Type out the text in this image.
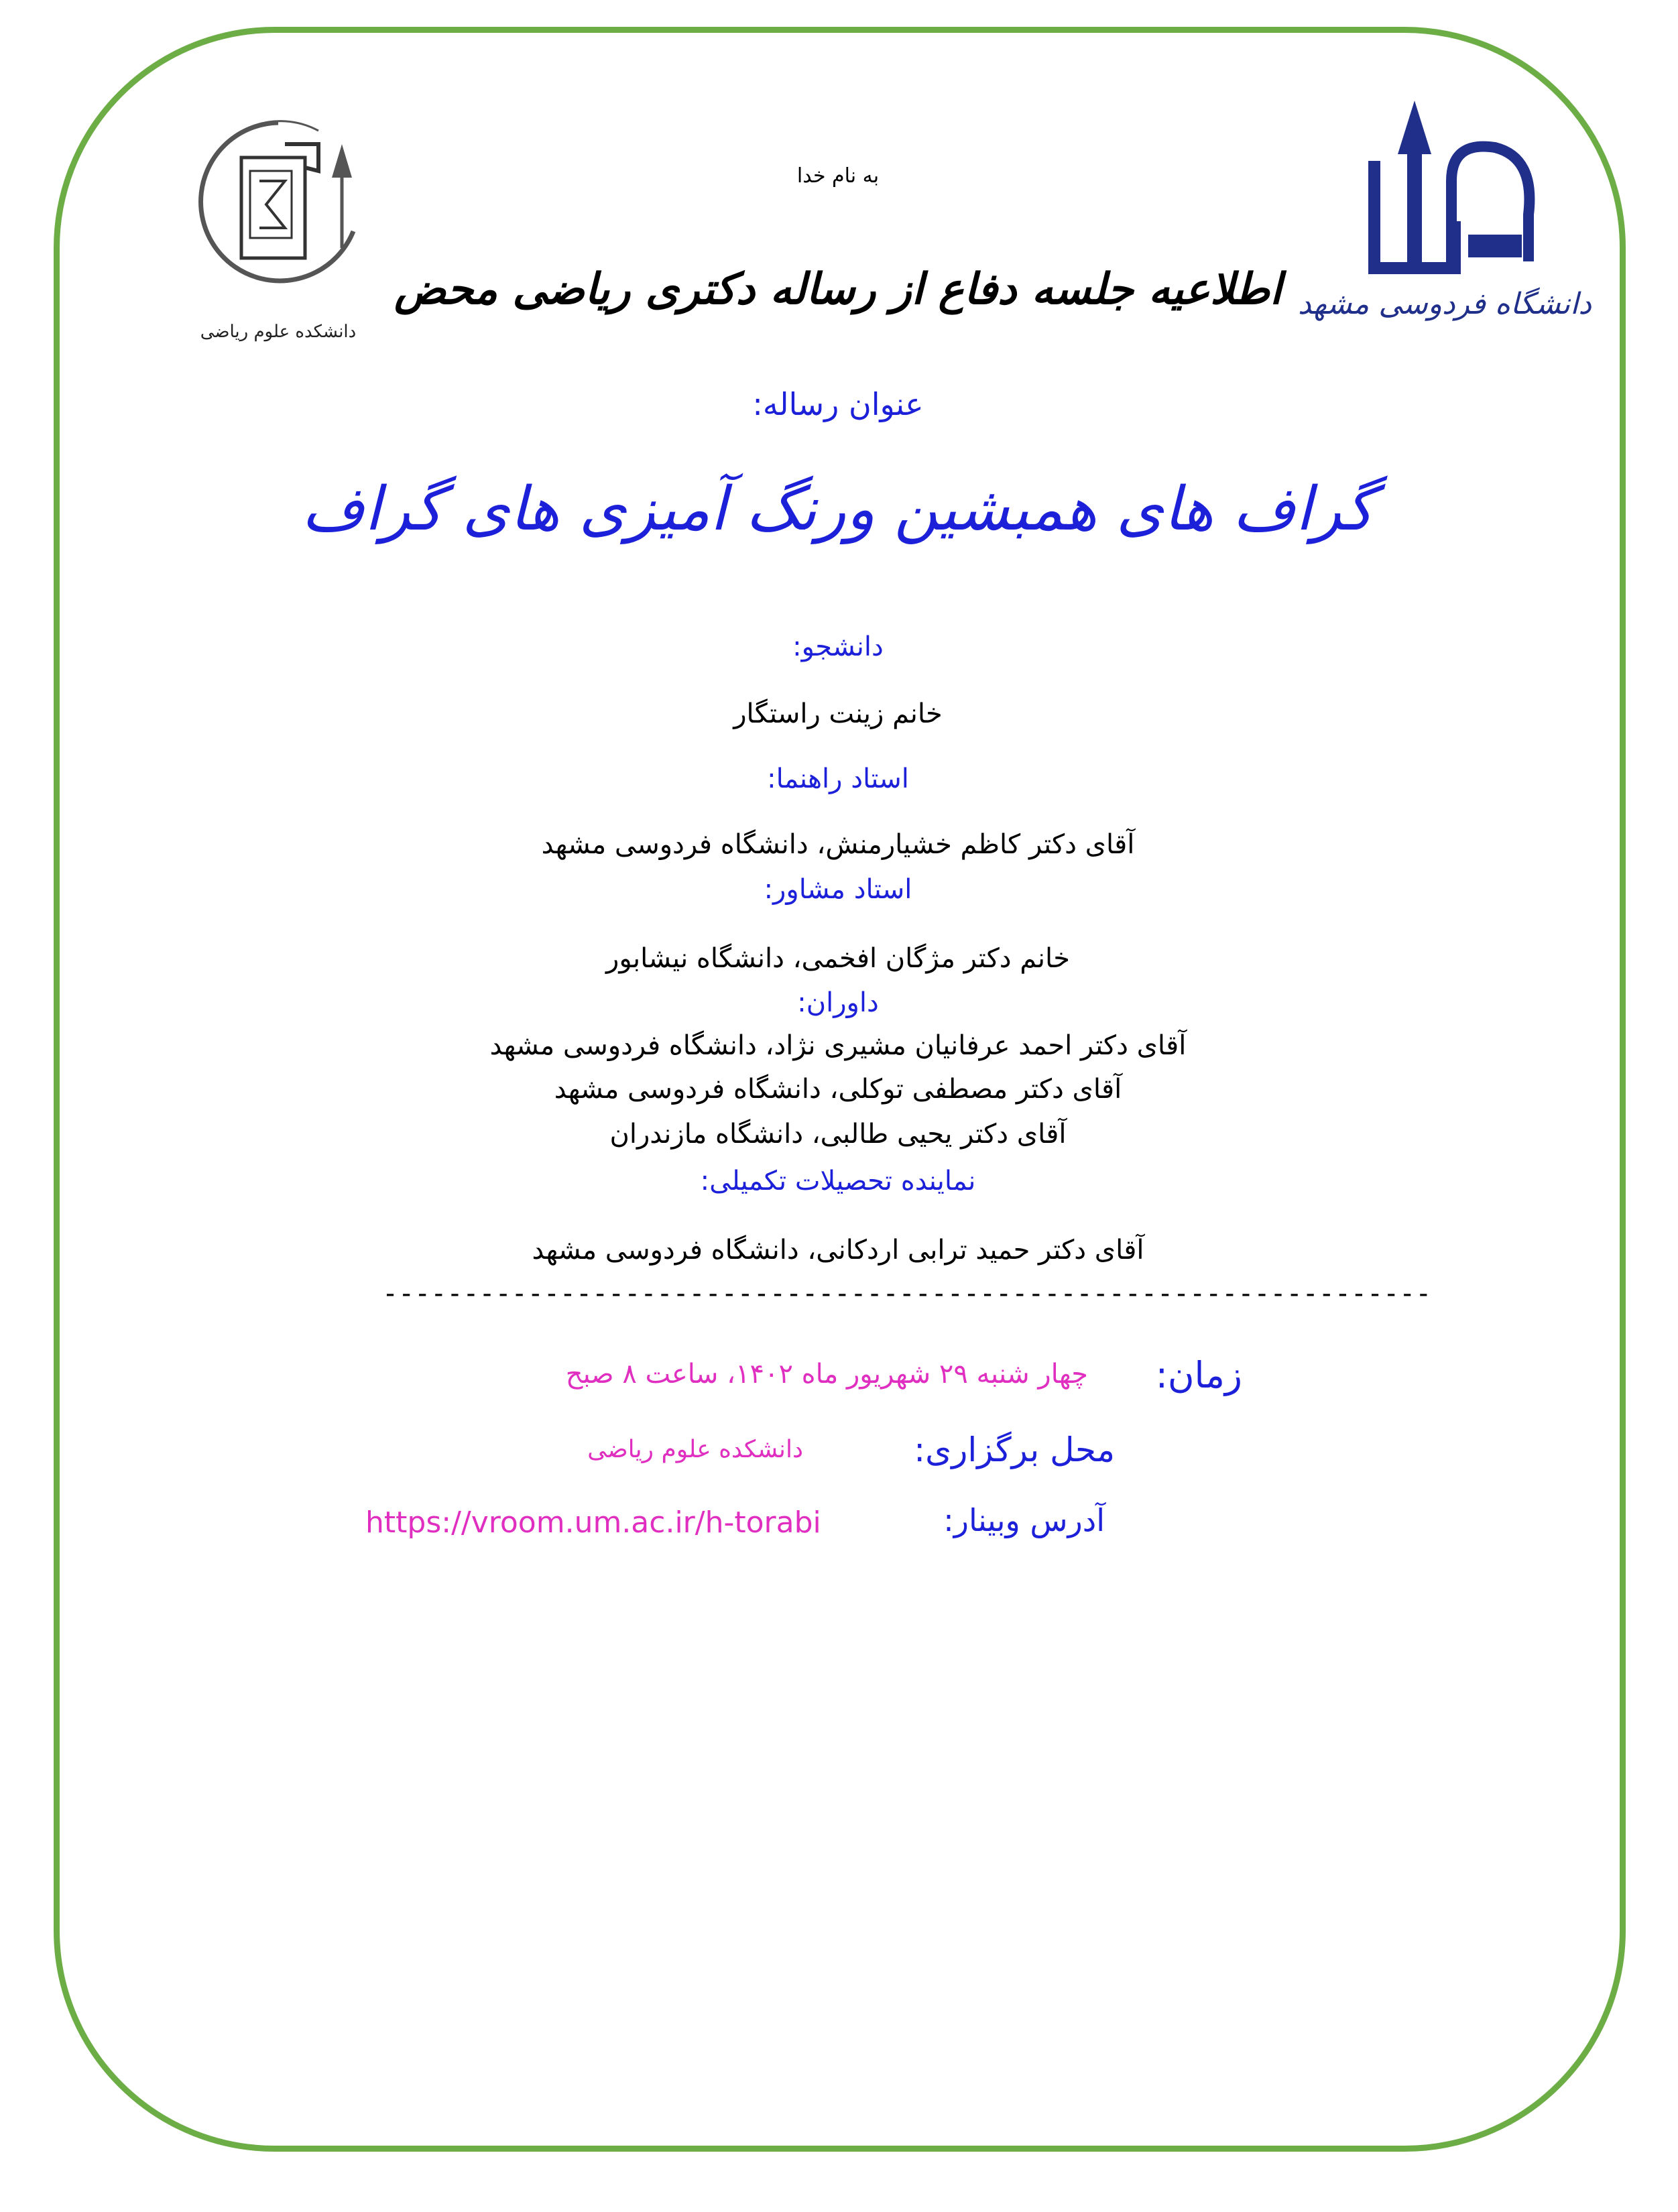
دانشکده علوم ریاضی
دانشگاه فردوسی مشهد

به نام خدا

اطلاعیه جلسه دفاع از رساله دکتری ریاضی محض

عنوان رساله:

گراف های همبشین ورنگ آمیزی های گراف

دانشجو:

خانم زینت راستگار

استاد راهنما:

آقای دکتر کاظم خشیارمنش، دانشگاه فردوسی مشهد

استاد مشاور:

خانم دکتر مژگان افخمی، دانشگاه نیشابور

داوران:

آقای دکتر احمد عرفانیان مشیری نژاد، دانشگاه فردوسی مشهد

آقای دکتر مصطفی توکلی، دانشگاه فردوسی مشهد

آقای دکتر یحیی طالبی، دانشگاه مازندران

نماینده تحصیلات تکمیلی:

آقای دکتر حمید ترابی اردکانی، دانشگاه فردوسی مشهد

-----------------------------------------------------------------

زمان:

چهار شنبه ۲۹ شهریور ماه ۱۴۰۲، ساعت ۸ صبح

محل برگزاری:

دانشکده علوم ریاضی

آدرس وبینار:

https://vroom.um.ac.ir/h-torabi
